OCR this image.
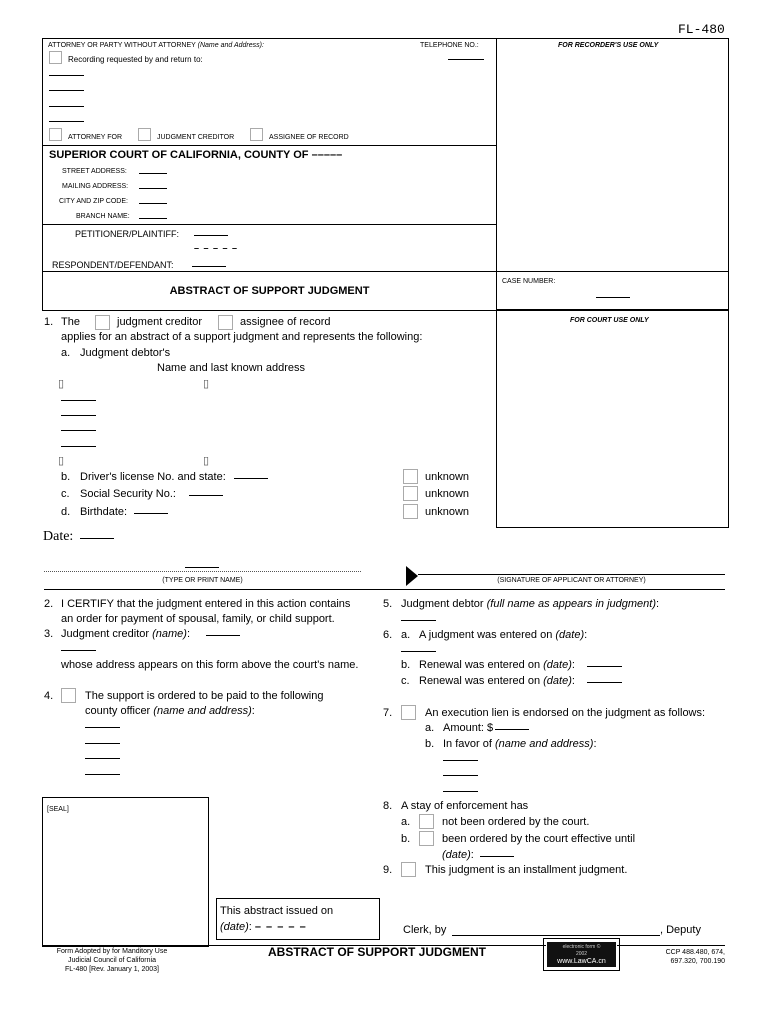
FL-480
ATTORNEY OR PARTY WITHOUT ATTORNEY (Name and Address):	TELEPHONE NO.:
Recording requested by and return to:
ATTORNEY FOR	JUDGMENT CREDITOR	ASSIGNEE OF RECORD
FOR RECORDER'S USE ONLY
SUPERIOR COURT OF CALIFORNIA, COUNTY OF –––––
STREET ADDRESS:
MAILING ADDRESS:
CITY AND ZIP CODE:
BRANCH NAME:
PETITIONER/PLAINTIFF:
– – – – –
RESPONDENT/DEFENDANT:
ABSTRACT OF SUPPORT JUDGMENT
CASE NUMBER:
FOR COURT USE ONLY
1. The	judgment creditor	assignee of record
applies for an abstract of a support judgment and represents the following:
a. Judgment debtor's
Name and last known address
▯	▯
▯	▯
b. Driver's license No. and state:	unknown
c. Social Security No.:	unknown
d. Birthdate:	unknown
Date:
(TYPE OR PRINT NAME)	(SIGNATURE OF APPLICANT OR ATTORNEY)
2. I CERTIFY that the judgment entered in this action contains
an order for payment of spousal, family, or child support.
3. Judgment creditor (name):
whose address appears on this form above the court's name.
4.	The support is ordered to be paid to the following
county officer (name and address):
5. Judgment debtor (full name as appears in judgment):
6. a. A judgment was entered on (date):
b. Renewal was entered on (date):
c. Renewal was entered on (date):
7.	An execution lien is endorsed on the judgment as follows:
a. Amount: $
b. In favor of (name and address):
[SEAL]	8. A stay of enforcement has
a.	not been ordered by the court.
b.	been ordered by the court effective until
(date):
9.	This judgment is an installment judgment.
This abstract issued on
(date): – – – – –	Clerk, by	, Deputy
Form Adopted by for Manditory Use
Judicial Council of California
FL-480 [Rev. January 1, 2003]
ABSTRACT OF SUPPORT JUDGMENT	electronic form ©
2002
www.LawCA.cn
CCP 488.480, 674,
697.320, 700.190
